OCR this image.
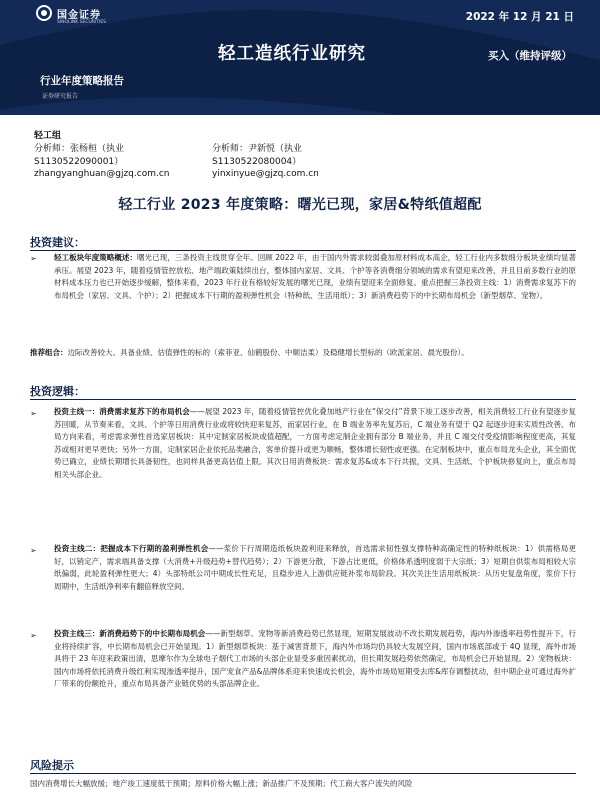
国金证券
SINOLINK SECURITIES	2022 年 12 月 21 日
轻工造纸行业研究	买入（维持评级）
行业年度策略报告
证券研究报告
轻工组
分析师：张杨桓（执业
S1130522090001）
zhangyanghuan@gjzq.com.cn
分析师：尹新悦（执业
S1130522080004）
yinxinyue@gjzq.com.cn
轻工行业 2023 年度策略：曙光已现，家居&特纸值超配
投资建议：
➢ 轻工板块年度策略概述：曙光已现，三条投资主线贯穿全年。回顾 2022 年，由于国内外需求较弱叠加原材料成本高企，轻工行业内多数细分板块业绩均显著承压。展望 2023 年，随着疫情管控放松、地产端政策陆续出台，整体国内家居、文具、个护等各消费细分领域的需求有望迎来改善，并且目前多数行业的原材料成本压力也已开始逐步缓解，整体来看，2023 年行业有格较好发展的曙光已现，业绩有望迎来全面修复。重点把握三条投资主线：1）消费需求复苏下的布局机会（家居、文具、个护）；2）把握成本下行期的盈利弹性机会（特种纸、生活用纸）；3）新消费趋势下的中长期布局机会（新型烟草、宠物）。
推荐组合：边际改善较大、具备业绩、估值弹性的标的（索菲亚、仙鹤股份、中顺洁柔）及稳健增长型标的（欧派家居、晨光股份）。
投资逻辑：
➢ 投资主线一：消费需求复苏下的布局机会——展望 2023 年，随着疫情管控优化叠加地产行业在“保交付”背景下竣工逐步改善，相关消费轻工行业有望逐步复苏回暖，从节奏来看，文具、个护等日用消费行业或将较快迎来复苏，而家居行业，在 B 端业务率先复苏后，C 端业务有望于 Q2 起逐步迎来实质性改善。布局方向来看，考虑需求弹性首选家居板块：其中定制家居板块或值超配，一方面考虑定制企业拥有部分 B 端业务，并且 C 端交付受疫情影响程度更高，其复苏或相对更早更快；另外一方面，定制家居企业依托品类融合，客单价提升或更为顺畅，整体增长韧性或更强。在定制板块中，重点布局龙头企业，其全面优势已确立，业绩长期增长具备韧性，也同样具备更高估值上限。其次日用消费板块：需求复苏&成本下行共振，文具、生活纸、个护板块修复向上，重点布局相关头部企业。
➢ 投资主线二：把握成本下行期的盈利弹性机会——浆价下行周期造纸板块盈利迎来释放，首选需求韧性强支撑特种高确定性的特种纸板块：1）供需格局更好，以销定产，需求端具备支撑（大消费+升级趋势+替代趋势）；2）下游更分散，下游占比更低，价格体系透明度弱于大宗纸；3）短期自供浆布局相较大宗纸偏弱，此轮盈利弹性更大；4）头部特纸公司中期成长性充足，且稳步进入上游供应链补浆布局阶段。其次关注生活用纸板块：从历史复盘角度，浆价下行周期中，生活纸净利率有翻倍释放空间。
➢ 投资主线三：新消费趋势下的中长期布局机会——新型烟草、宠物等新消费趋势已然显现，短期发展波动不改长期发展趋势，海内外渗透率趋势性提升下，行业将持续扩容，中长期布局机会已开始显现。1）新型烟草板块：基于减害背景下，海内外市场均仍具较大发展空间，国内市场底部或于 4Q 显现，海外市场具将于 23 年迎来政策出清，思摩尔作为全球电子烟代工市场的头部企业显受多重因素扰动，但长期发展趋势依然确定，布局机会已开始显现。2）宠物板块：国内市场将依托消费升级红利实现渗透率提升，国产宠食产品&品牌体系迎来快速成长机会，海外市场局短期受去库&库存调整扰动，但中期企业可通过海外扩厂带来的份额抢升，重点布局具备产业链优势的头部品牌企业。
风险提示
国内消费增长大幅放缓；地产竣工速度低于预期；原料价格大幅上涨；新品推广不及预期；代工商大客户流失的风险
